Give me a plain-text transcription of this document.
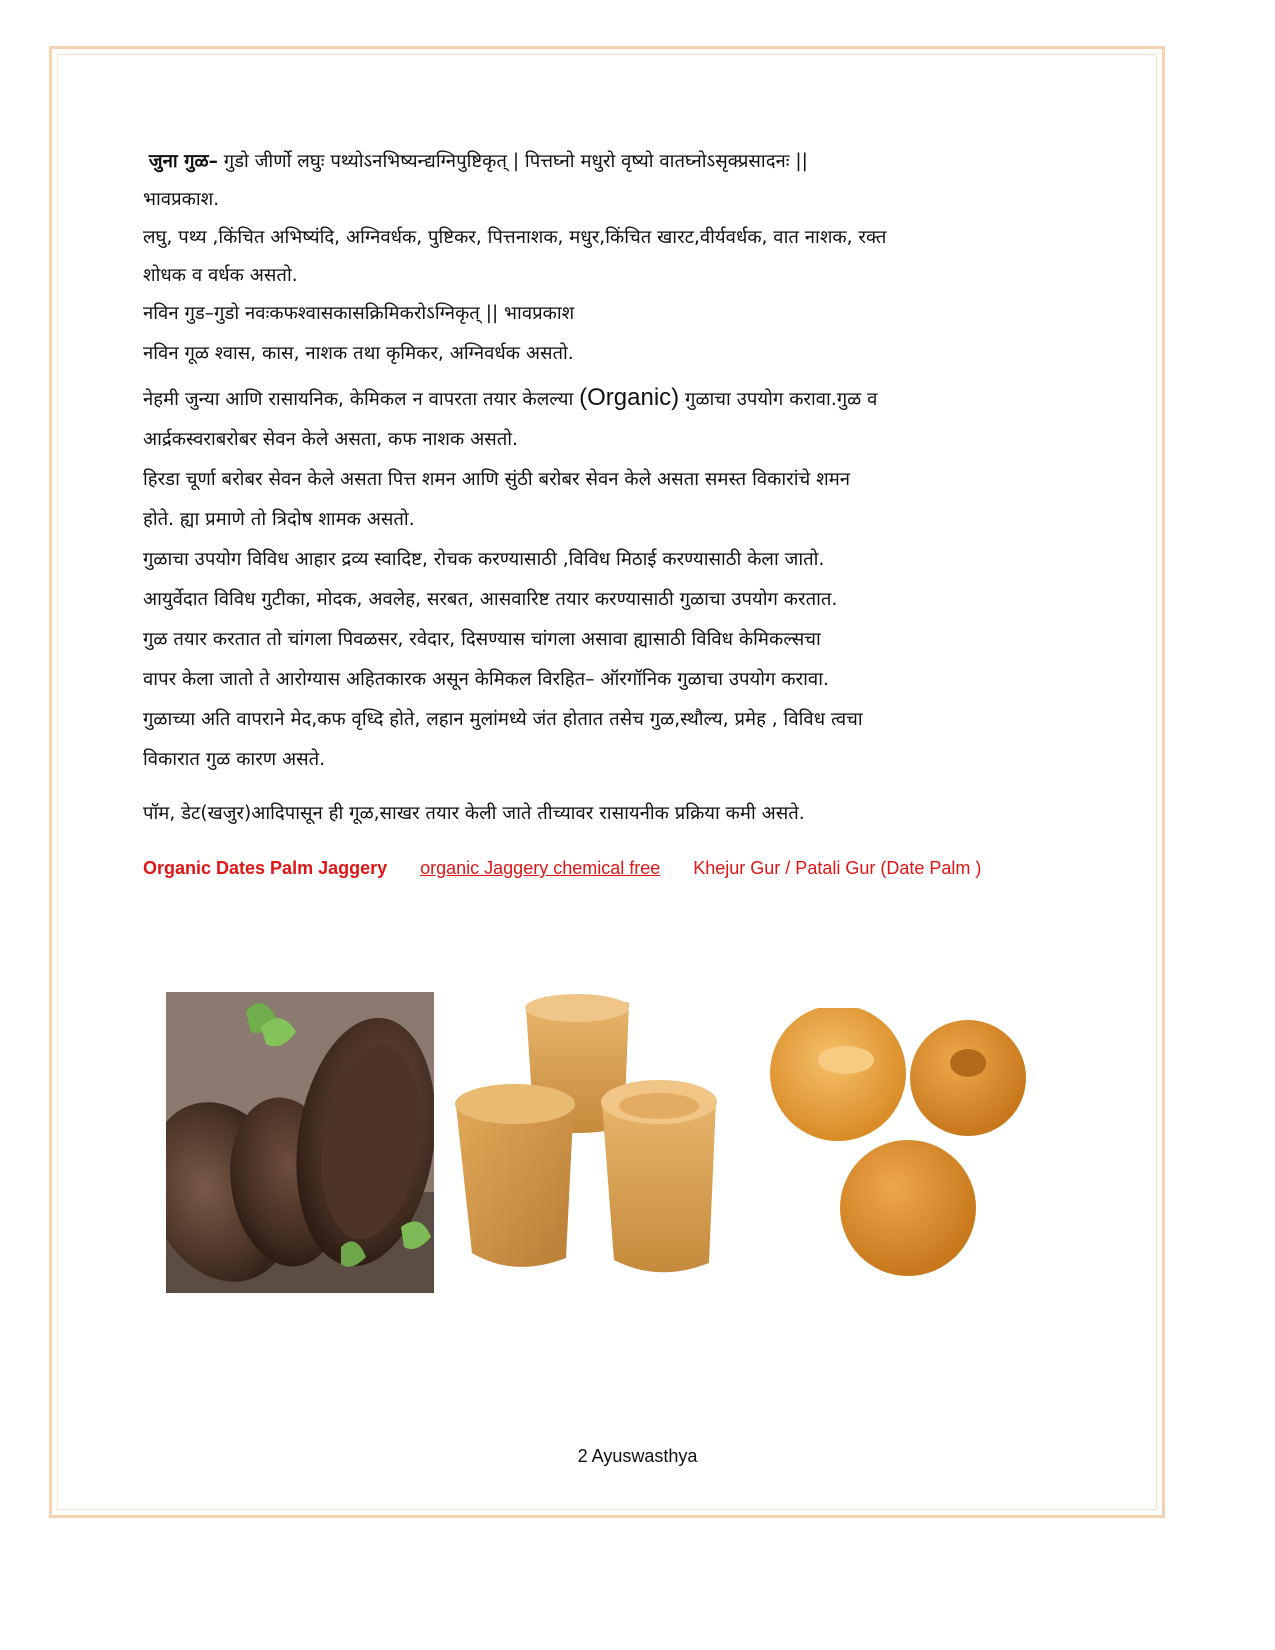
जुना गुळ– गुडो जीर्णो लघुः पथ्योऽनभिष्यन्द्यग्निपुष्टिकृत् | पित्तघ्नो मधुरो वृष्यो वातघ्नोऽसृक्प्रसादनः ||

भावप्रकाश.

लघु, पथ्य ,किंचित अभिष्यंदि, अग्निवर्धक, पुष्टिकर, पित्तनाशक, मधुर,किंचित खारट,वीर्यवर्धक, वात नाशक, रक्त

शोधक व वर्धक असतो.

नविन गुड–गुडो नवःकफश्वासकासक्रिमिकरोऽग्निकृत् || भावप्रकाश

नविन गूळ श्वास, कास, नाशक तथा कृमिकर, अग्निवर्धक असतो.

नेहमी जुन्या आणि रासायनिक, केमिकल न वापरता तयार केलल्या (Organic) गुळाचा उपयोग करावा.गुळ व

आर्द्रकस्वराबरोबर सेवन केले असता, कफ नाशक असतो.

हिरडा चूर्णा बरोबर सेवन केले असता पित्त शमन आणि सुंठी बरोबर सेवन केले असता समस्त विकारांचे शमन

होते. ह्या प्रमाणे तो त्रिदोष शामक असतो.

गुळाचा उपयोग विविध आहार द्रव्य स्वादिष्ट, रोचक करण्यासाठी ,विविध मिठाई करण्यासाठी केला जातो.

आयुर्वेदात विविध गुटीका, मोदक, अवलेह, सरबत, आसवारिष्ट तयार करण्यासाठी गुळाचा उपयोग करतात.

गुळ तयार करतात तो चांगला पिवळसर, रवेदार, दिसण्यास चांगला असावा ह्यासाठी विविध केमिकल्सचा

वापर केला जातो ते आरोग्यास अहितकारक असून केमिकल विरहित– ऑरगॉनिक गुळाचा उपयोग करावा.

गुळाच्या अति वापराने मेद,कफ वृध्दि होते, लहान मुलांमध्ये जंत होतात तसेच गुळ,स्थौल्य, प्रमेह , विविध त्वचा

विकारात गुळ कारण असते.

पॉम, डेट(खजुर)आदिपासून ही गूळ,साखर तयार केली जाते तीच्यावर रासायनीक प्रक्रिया कमी असते.

Organic Dates Palm Jaggery organic Jaggery chemical free Khejur Gur / Patali Gur (Date Palm )
2 Ayuswasthya
